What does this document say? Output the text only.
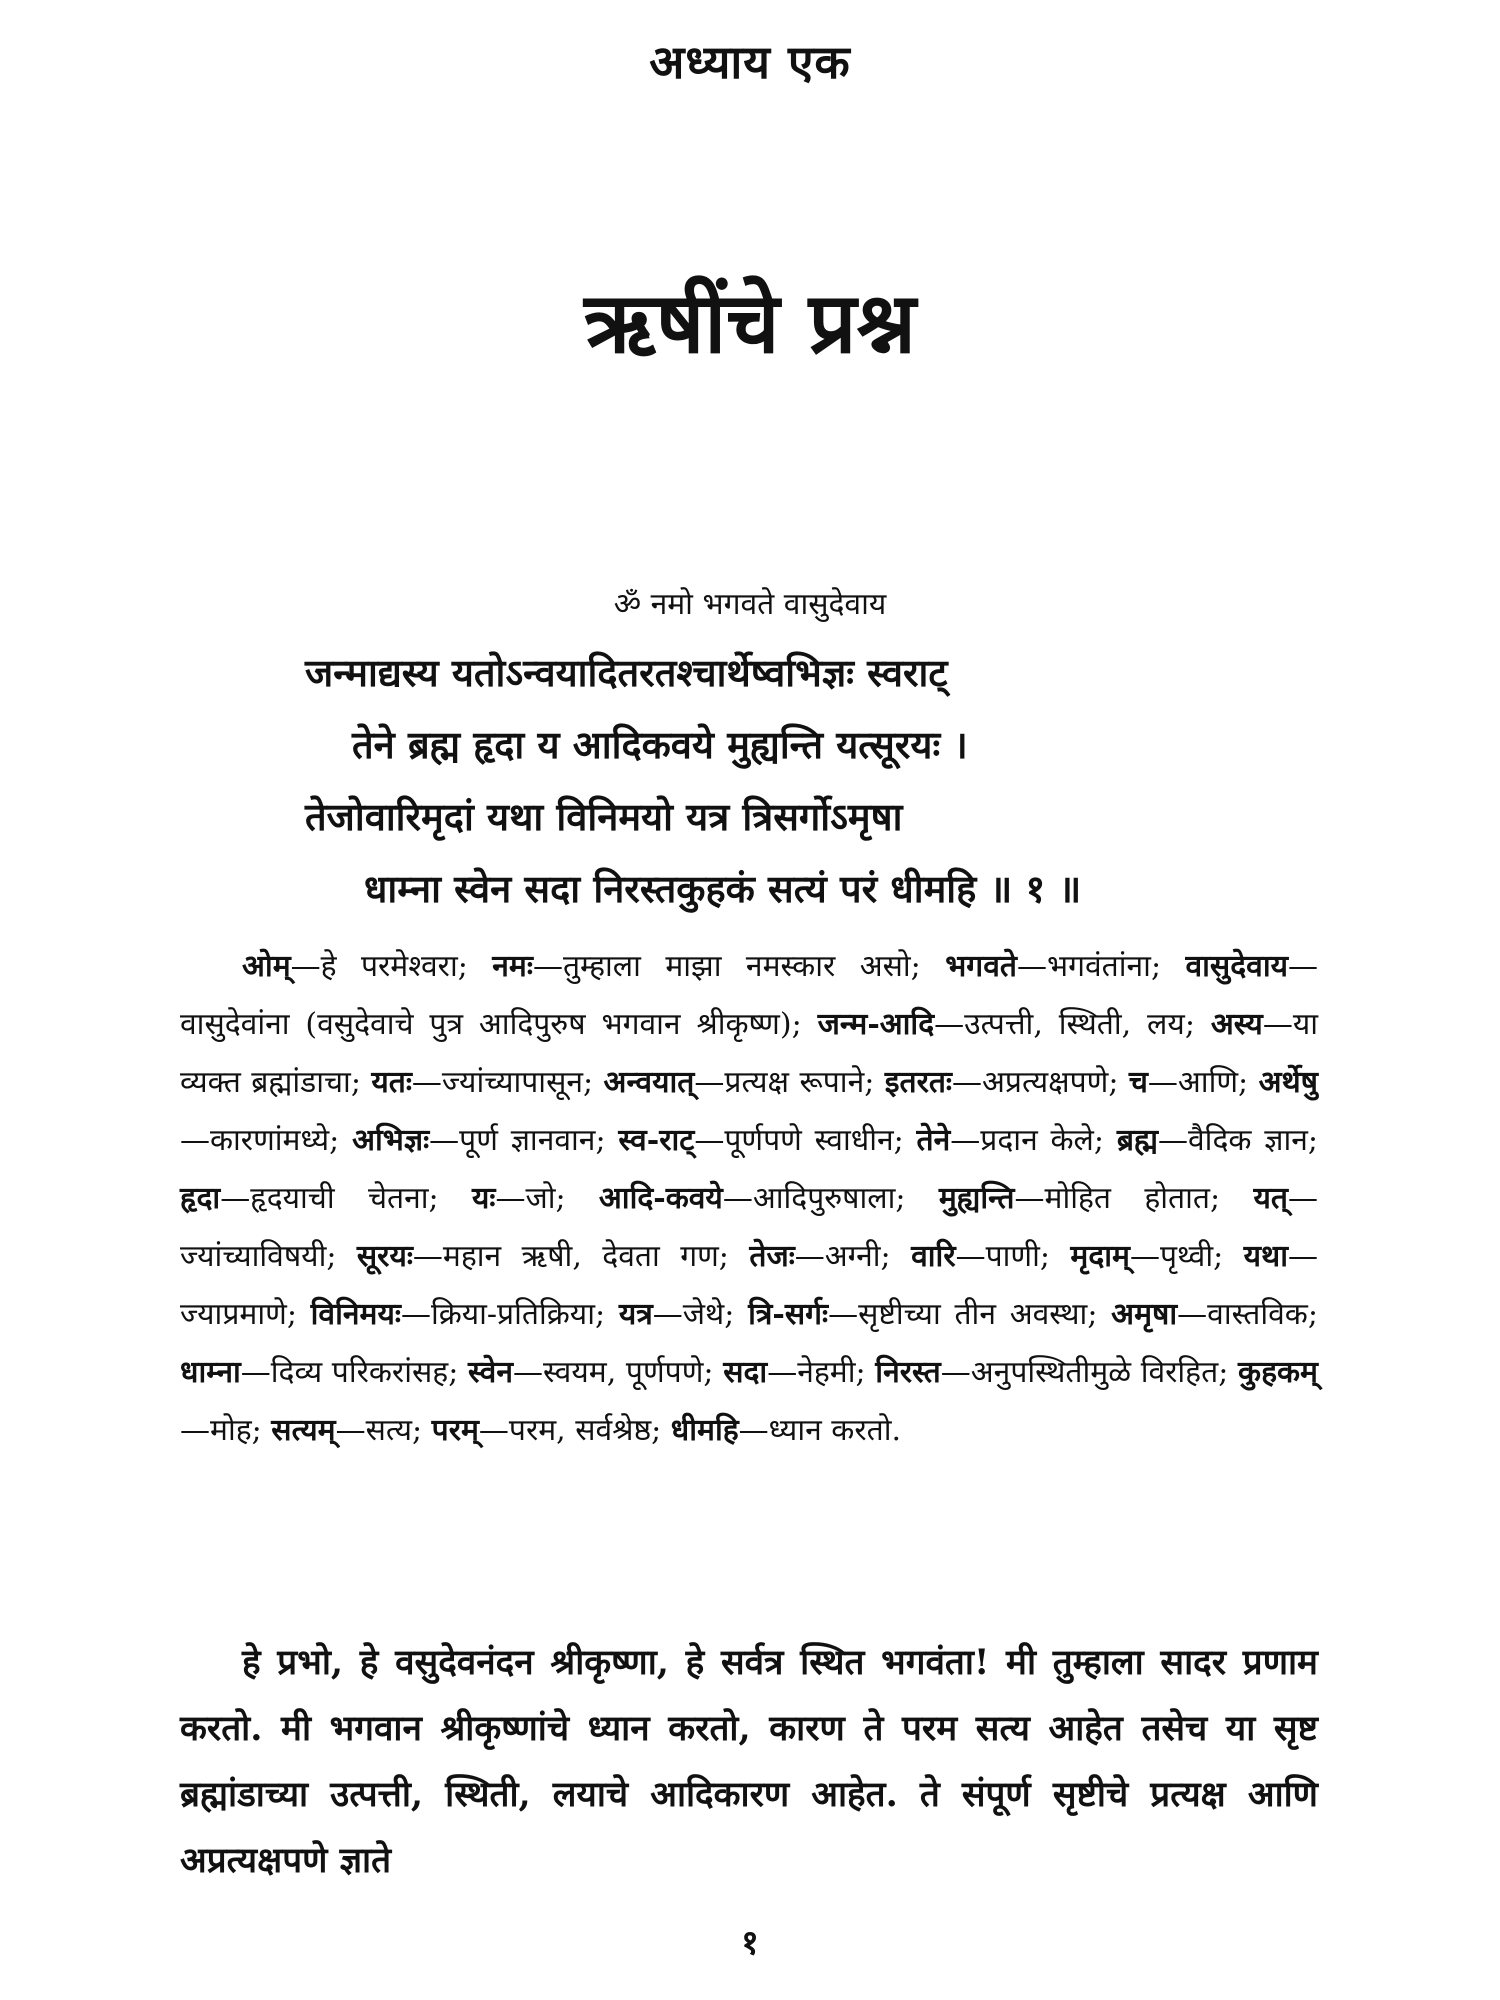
अध्याय एक
ऋषींचे प्रश्न
ॐ नमो भगवते वासुदेवाय
जन्माद्यस्य यतोऽन्वयादितरतश्चार्थेष्वभिज्ञः स्वराट्
तेने ब्रह्म हृदा य आदिकवये मुह्यन्ति यत्सूरयः ।
तेजोवारिमृदां यथा विनिमयो यत्र त्रिसर्गोऽमृषा
धाम्ना स्वेन सदा निरस्तकुहकं सत्यं परं धीमहि ॥ १ ॥
ओम्—हे परमेश्वरा; नमः—तुम्हाला माझा नमस्कार असो; भगवते—भगवंतांना; वासुदेवाय—वासुदेवांना (वसुदेवाचे पुत्र आदिपुरुष भगवान श्रीकृष्ण); जन्म-आदि—उत्पत्ती, स्थिती, लय; अस्य—या व्यक्त ब्रह्मांडाचा; यतः—ज्यांच्यापासून; अन्वयात्—प्रत्यक्ष रूपाने; इतरतः—अप्रत्यक्षपणे; च—आणि; अर्थेषु—कारणांमध्ये; अभिज्ञः—पूर्ण ज्ञानवान; स्व-राट्—पूर्णपणे स्वाधीन; तेने—प्रदान केले; ब्रह्म—वैदिक ज्ञान; हृदा—हृदयाची चेतना; यः—जो; आदि-कवये—आदिपुरुषाला; मुह्यन्ति—मोहित होतात; यत्—ज्यांच्याविषयी; सूरयः—महान ऋषी, देवता गण; तेजः—अग्नी; वारि—पाणी; मृदाम्—पृथ्वी; यथा—ज्याप्रमाणे; विनिमयः—क्रिया-प्रतिक्रिया; यत्र—जेथे; त्रि-सर्गः—सृष्टीच्या तीन अवस्था; अमृषा—वास्तविक; धाम्ना—दिव्य परिकरांसह; स्वेन—स्वयम, पूर्णपणे; सदा—नेहमी; निरस्त—अनुपस्थितीमुळे विरहित; कुहकम्—मोह; सत्यम्—सत्य; परम्—परम, सर्वश्रेष्ठ; धीमहि—ध्यान करतो.
हे प्रभो, हे वसुदेवनंदन श्रीकृष्णा, हे सर्वत्र स्थित भगवंता! मी तुम्हाला सादर प्रणाम करतो. मी भगवान श्रीकृष्णांचे ध्यान करतो, कारण ते परम सत्य आहेत तसेच या सृष्ट ब्रह्मांडाच्या उत्पत्ती, स्थिती, लयाचे आदिकारण आहेत. ते संपूर्ण सृष्टीचे प्रत्यक्ष आणि अप्रत्यक्षपणे ज्ञाते
१
